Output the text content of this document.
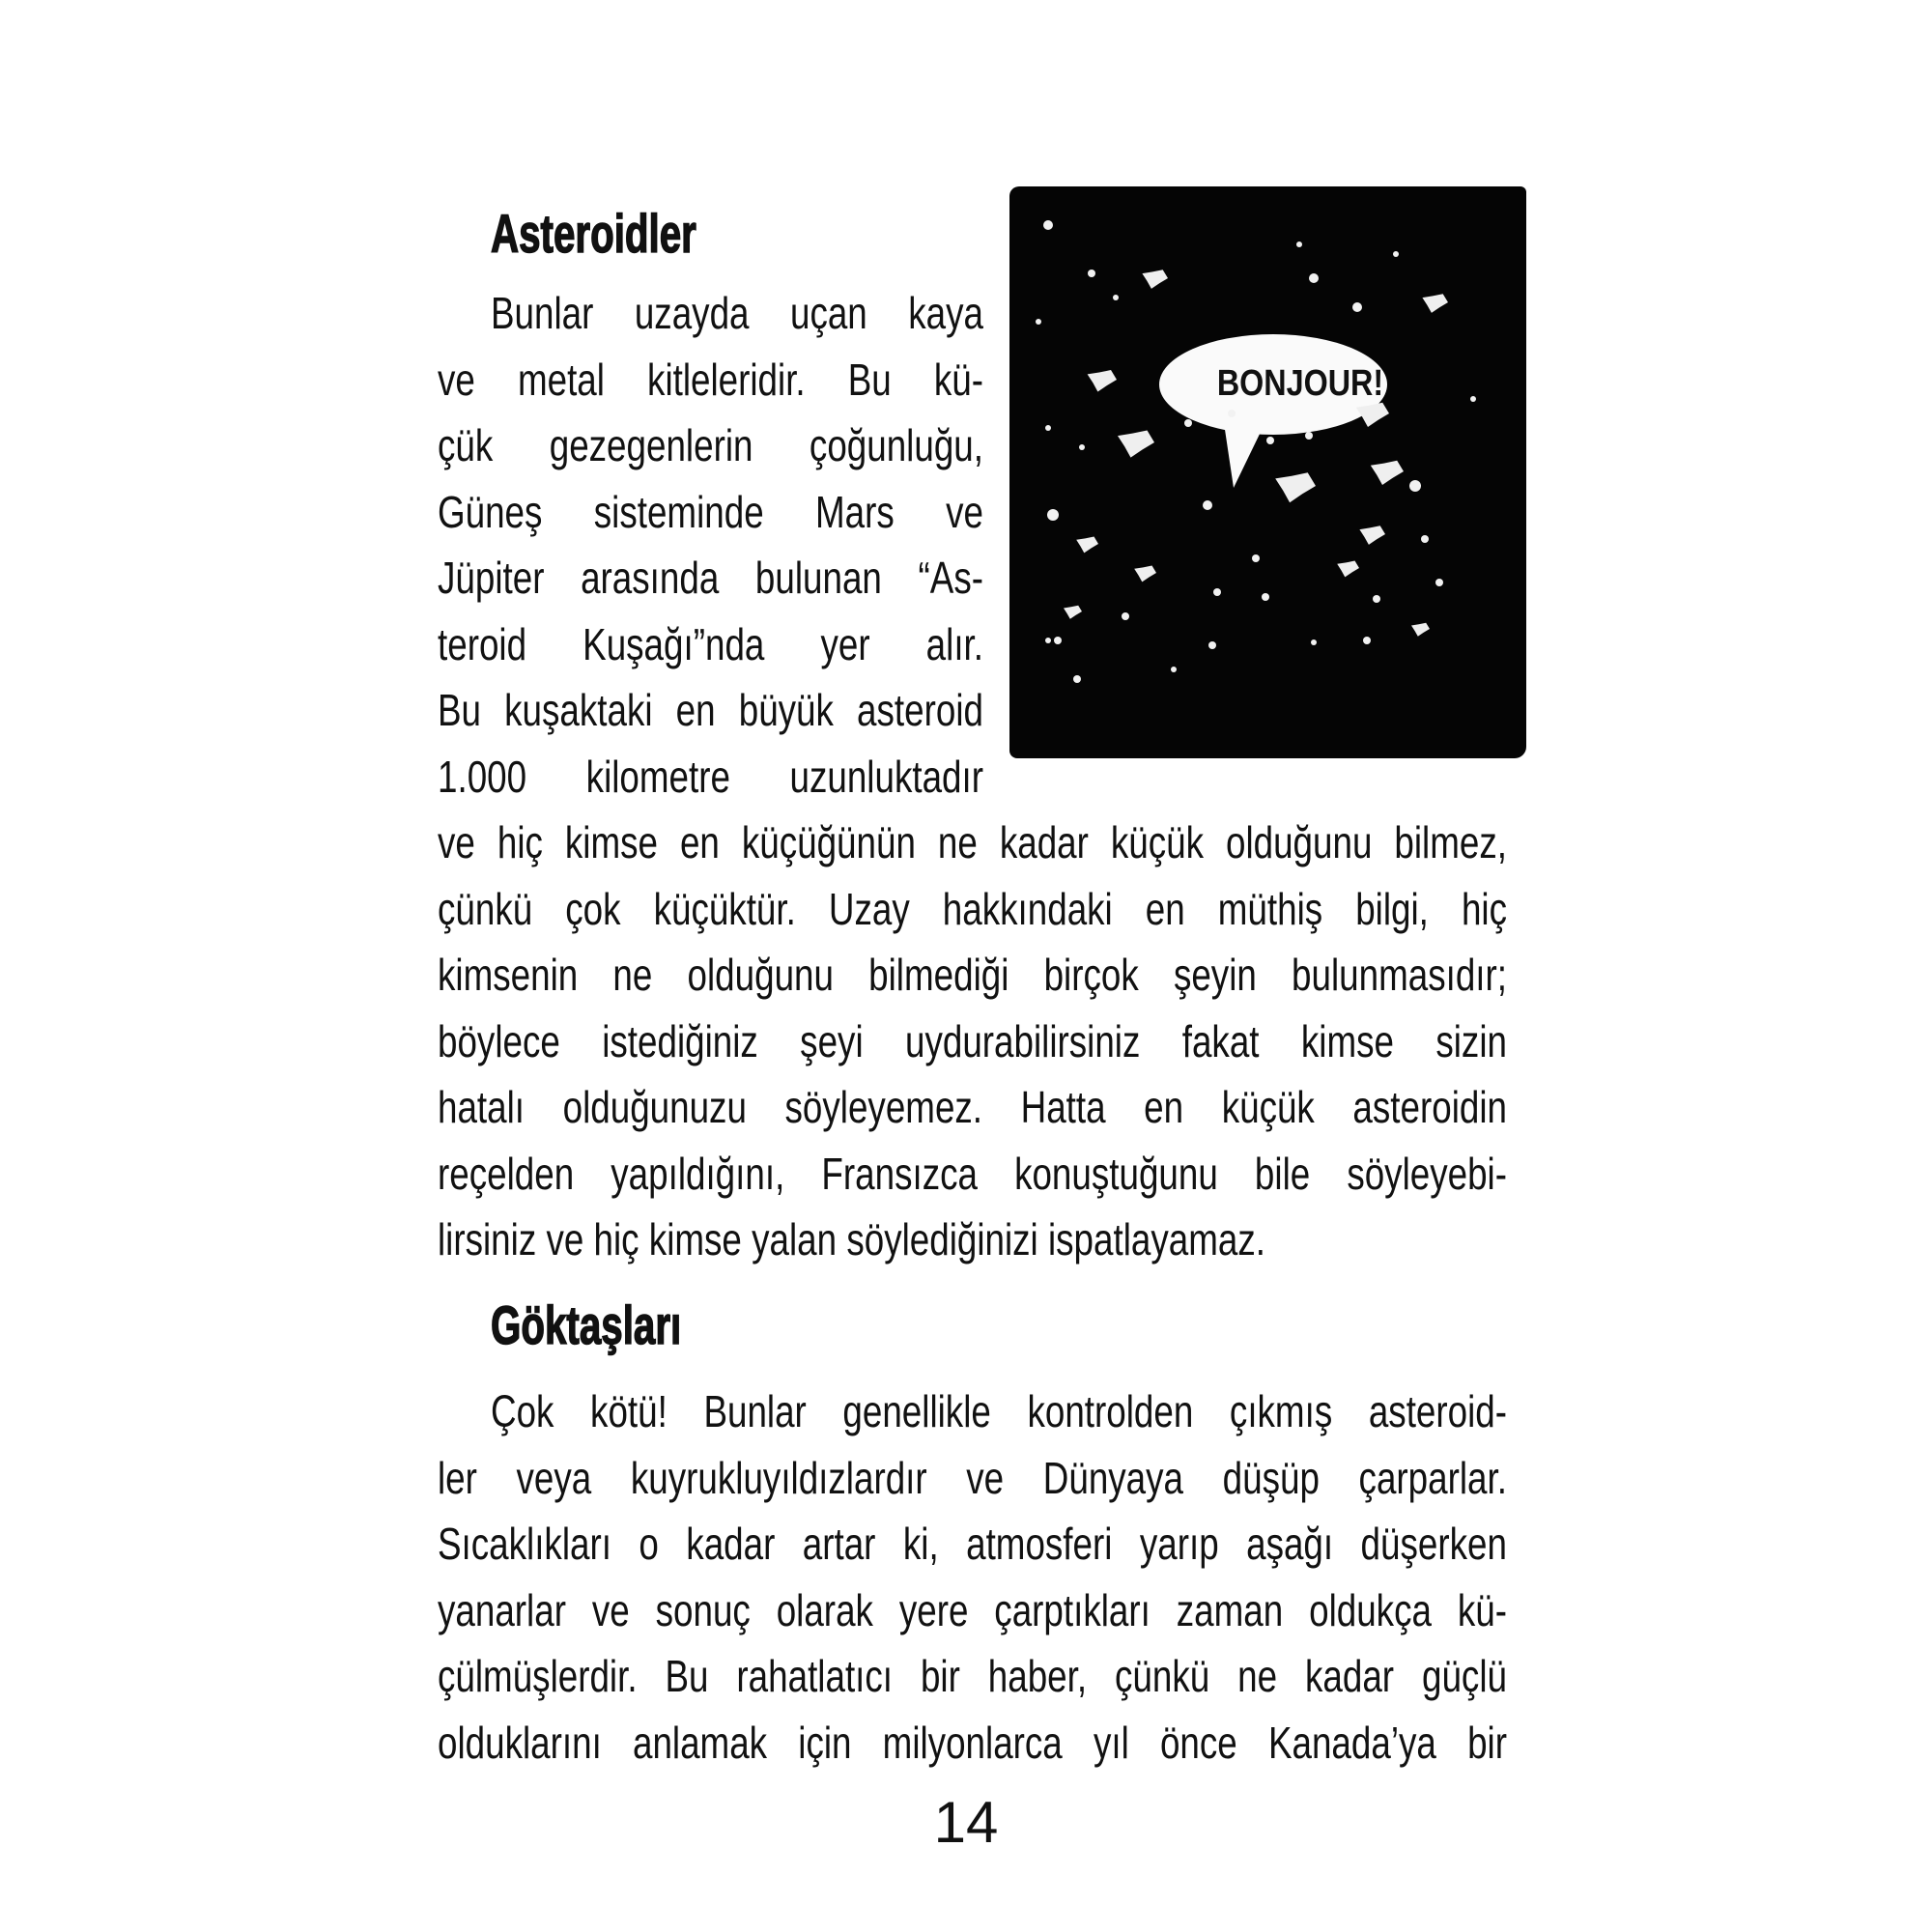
Asteroidler
Bunlar uzayda uçan kaya
ve metal kitleleridir. Bu kü-
çük gezegenlerin çoğunluğu,
Güneş sisteminde Mars ve
Jüpiter arasında bulunan “As-
teroid Kuşağı”nda yer alır.
Bu kuşaktaki en büyük asteroid
1.000 kilometre uzunluktadır
ve hiç kimse en küçüğünün ne kadar küçük olduğunu bilmez,
çünkü çok küçüktür. Uzay hakkındaki en müthiş bilgi, hiç
kimsenin ne olduğunu bilmediği birçok şeyin bulunmasıdır;
böylece istediğiniz şeyi uydurabilirsiniz fakat kimse sizin
hatalı olduğunuzu söyleyemez. Hatta en küçük asteroidin
reçelden yapıldığını, Fransızca konuştuğunu bile söyleyebi-
lirsiniz ve hiç kimse yalan söylediğinizi ispatlayamaz.
Göktaşları
Çok kötü! Bunlar genellikle kontrolden çıkmış asteroid-
ler veya kuyrukluyıldızlardır ve Dünyaya düşüp çarparlar.
Sıcaklıkları o kadar artar ki, atmosferi yarıp aşağı düşerken
yanarlar ve sonuç olarak yere çarptıkları zaman oldukça kü-
çülmüşlerdir. Bu rahatlatıcı bir haber, çünkü ne kadar güçlü
olduklarını anlamak için milyonlarca yıl önce Kanada’ya bir
BONJOUR!
14
